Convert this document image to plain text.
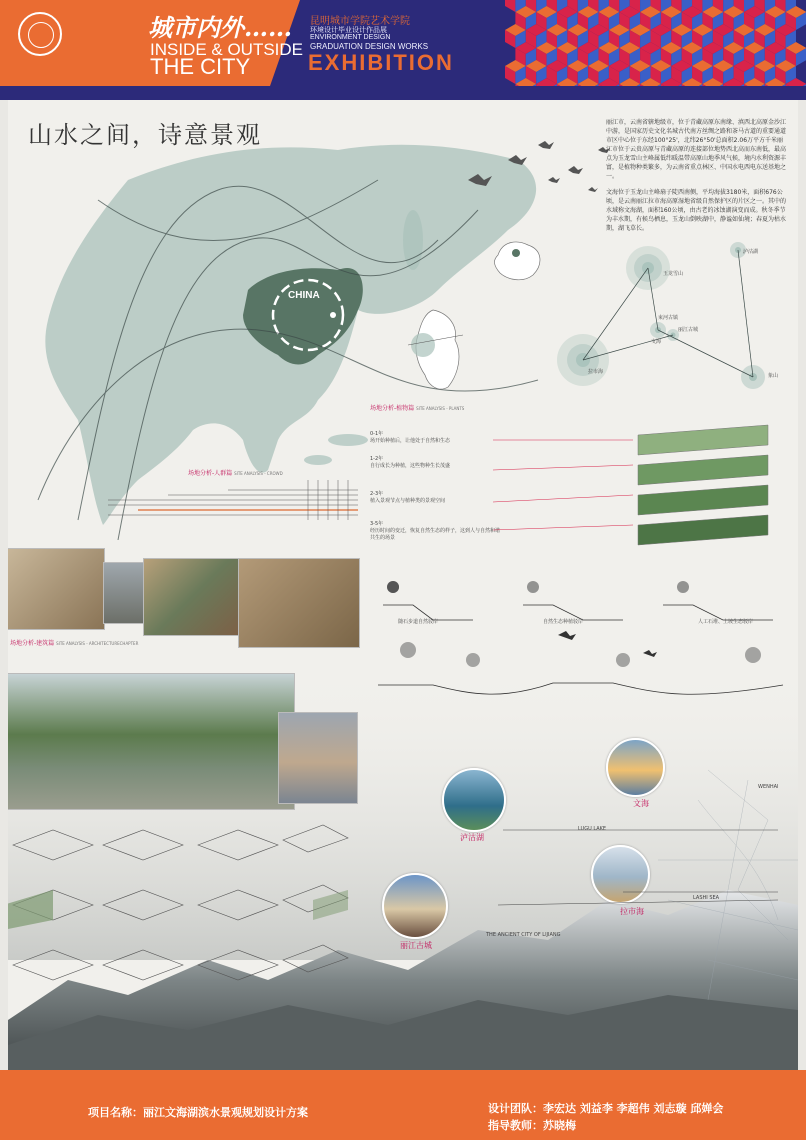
城市内外……
INSIDE & OUTSIDE
THE CITY
昆明城市学院艺术学院
环境设计毕业设计作品展
ENVIRONMENT DESIGN
GRADUATION DESIGN WORKS
EXHIBITION
CHINA
山水之间，诗意景观	丽江市，云南省辖地级市，位于青藏高原东南缘、滇西北高原金沙江中游，是国家历史文化名城古代南方丝绸之路和茶马古道的重要通道市区中心位于东经100°25'，北纬26°50'总面积2.06万平方千米丽江市位于云贵高原与青藏高原的连接部位地势西北高而东南低，最高点为玉龙雪山主峰属低纬暖温带高原山地季风气候，境内水利资源丰富，是植物种类繁多，为云南省重点林区、中国水电西电东送基地之一。
文海位于玉龙山主峰扇子陡西南侧，平均海拔3180米，面积676公顷，是云南丽江拉市海高原湿地省级自然保护区的片区之一。其中的水域称文海湖，面积160公顷，由古老的冰蚀湖演变而成。秋冬季节为丰水期，有候鸟栖息，玉龙山倒映湖中，静谧如仙境；春夏为枯水期，湖飞草长。
玉龙雪山
泸沽湖
拉市海
文海
丽江古城
象山
束河古镇
场地分析-植物篇 SITE ANALYSIS - PLANTS
0-1年
场开始种植后，让他处于自然和生态
1-2年
自行成长为种植，这些物种生长茂盛
2-3年
植入景观节点与植种类的景观空间
3-5年
经历时间的变迁，恢复自然生态的样子，这到人与自然和谐共生的场景
场地分析-人群篇 SITE ANALYSIS - CROWD
场地分析-建筑篇 SITE ANALYSIS - ARCHITECTURECHAPTER
随石步道自然驳岸	自然生态种植驳岸	人工石堆、土坡生态驳岸
文海
WENHAI
泸沽湖
LUGU LAKE
拉市海
LASHI SEA
丽江古城
THE ANCIENT CITY OF LIJIANG
项目名称：丽江文海湖滨水景观规划设计方案	设计团队：李宏达 刘益李 李超伟 刘志璇 邱婵会
指导教师：苏晓梅
